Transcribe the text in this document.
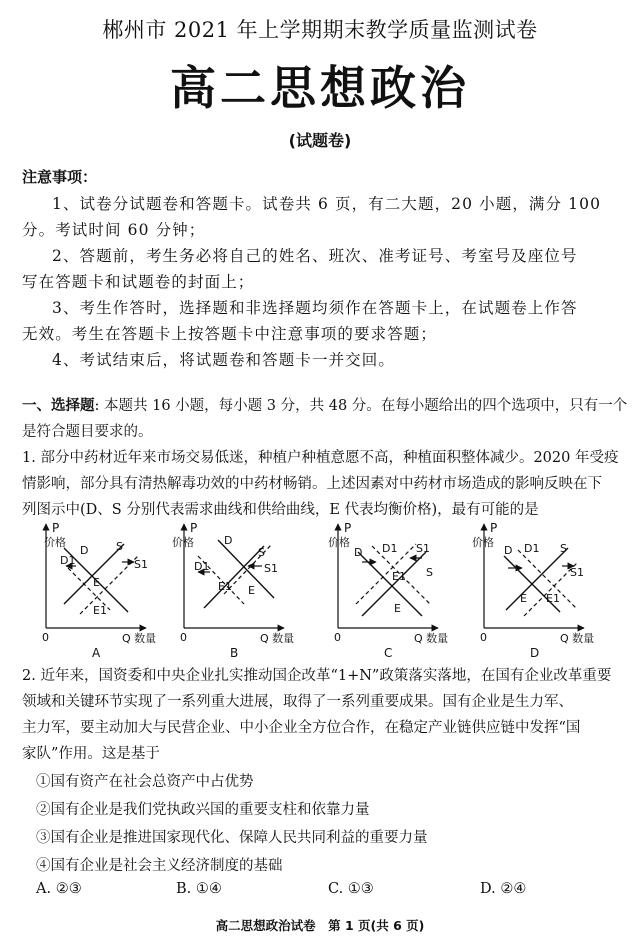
郴州市 2021 年上学期期末教学质量监测试卷
高二思想政治
(试题卷)
注意事项：
1、试卷分试题卷和答题卡。试卷共 6 页，有二大题，20 小题，满分 100
分。考试时间 60 分钟；
2、答题前，考生务必将自己的姓名、班次、准考证号、考室号及座位号
写在答题卡和试题卷的封面上；
3、考生作答时，选择题和非选择题均须作在答题卡上，在试题卷上作答
无效。考生在答题卡上按答题卡中注意事项的要求答题；
4、考试结束后，将试题卷和答题卡一并交回。
一、选择题: 本题共 16 小题，每小题 3 分，共 48 分。在每小题给出的四个选项中，只有一个
是符合题目要求的。
1. 部分中药材近年来市场交易低迷，种植户种植意愿不高，种植面积整体减少。2020 年受疫
情影响，部分具有清热解毒功效的中药材畅销。上述因素对中药材市场造成的影响反映在下
列图示中(D、S 分别代表需求曲线和供给曲线，E 代表均衡价格)，最有可能的是
P
价格
D
D1
S
S1
E
E1
0	Q 数量
A
P
价格	D
D1
S
S1
E
E1
0	Q 数量
B
P
价格
D D1
S
S1
E
E1
0	Q 数量
C
P
价格
D D1 S
S1
E E1
0	Q 数量
D
2. 近年来，国资委和中央企业扎实推动国企改革“1+N”政策落实落地，在国有企业改革重要
领域和关键环节实现了一系列重大进展，取得了一系列重要成果。国有企业是生力军、
主力军，要主动加大与民营企业、中小企业全方位合作，在稳定产业链供应链中发挥“国
家队”作用。这是基于
①国有资产在社会总资产中占优势
②国有企业是我们党执政兴国的重要支柱和依靠力量
③国有企业是推进国家现代化、保障人民共同利益的重要力量
④国有企业是社会主义经济制度的基础
A. ②③	B. ①④	C. ①③	D. ②④
高二思想政治试卷　第 1 页(共 6 页)
